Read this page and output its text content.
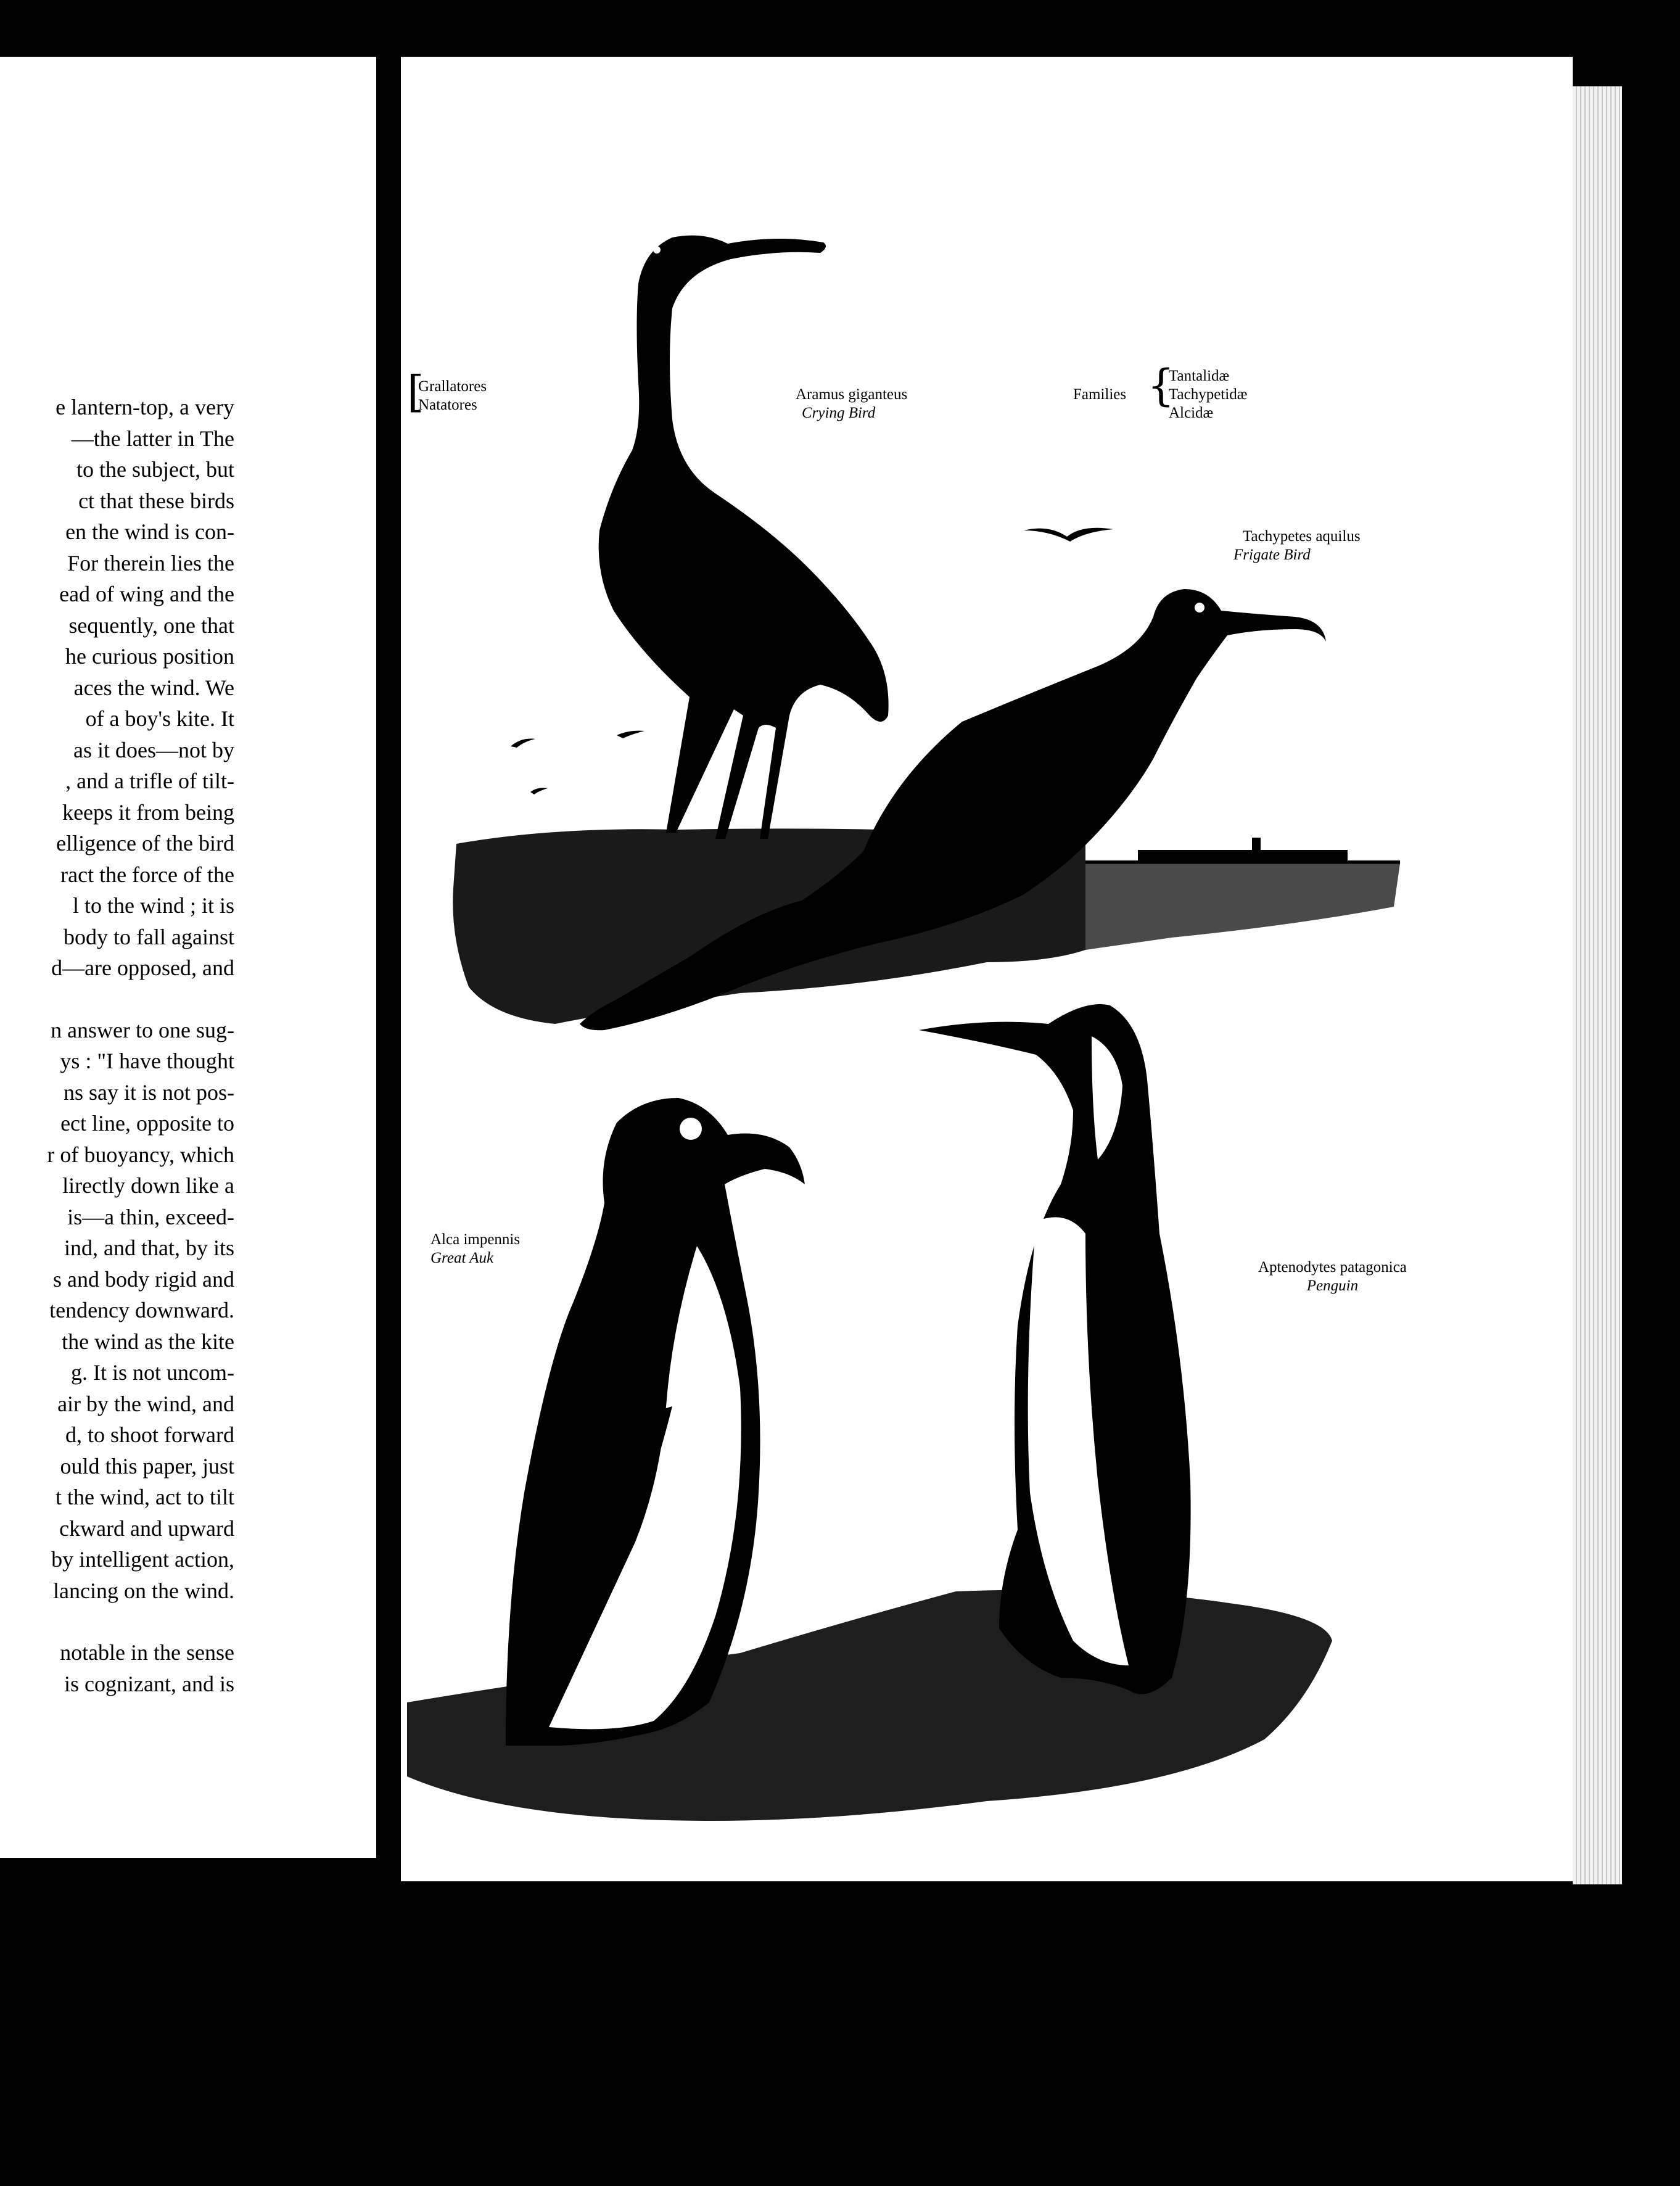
e lantern-top, a very
—the latter in The
to the subject, but
ct that these birds
en the wind is con-
For therein lies the
ead of wing and the
sequently, one that
he curious position
aces the wind. We
of a boy's kite. It
as it does—not by
, and a trifle of tilt-
keeps it from being
elligence of the bird
ract the force of the
l to the wind ; it is
body to fall against
d—are opposed, and
n answer to one sug-
ys : "I have thought
ns say it is not pos-
ect line, opposite to
r of buoyancy, which
lirectly down like a
is—a thin, exceed-
ind, and that, by its
s and body rigid and
tendency downward.
the wind as the kite
g. It is not uncom-
air by the wind, and
d, to shoot forward
ould this paper, just
t the wind, act to tilt
ckward and upward
by intelligent action,
lancing on the wind.
notable in the sense
is cognizant, and is
Grallatores
Natatores
[	Aramus giganteus
Crying Bird
Families {
Tantalidæ
Tachypetidæ
Alcidæ
Tachypetes aquilus
Frigate Bird
Alca impennis
Great Auk
Aptenodytes patagonica
Penguin
